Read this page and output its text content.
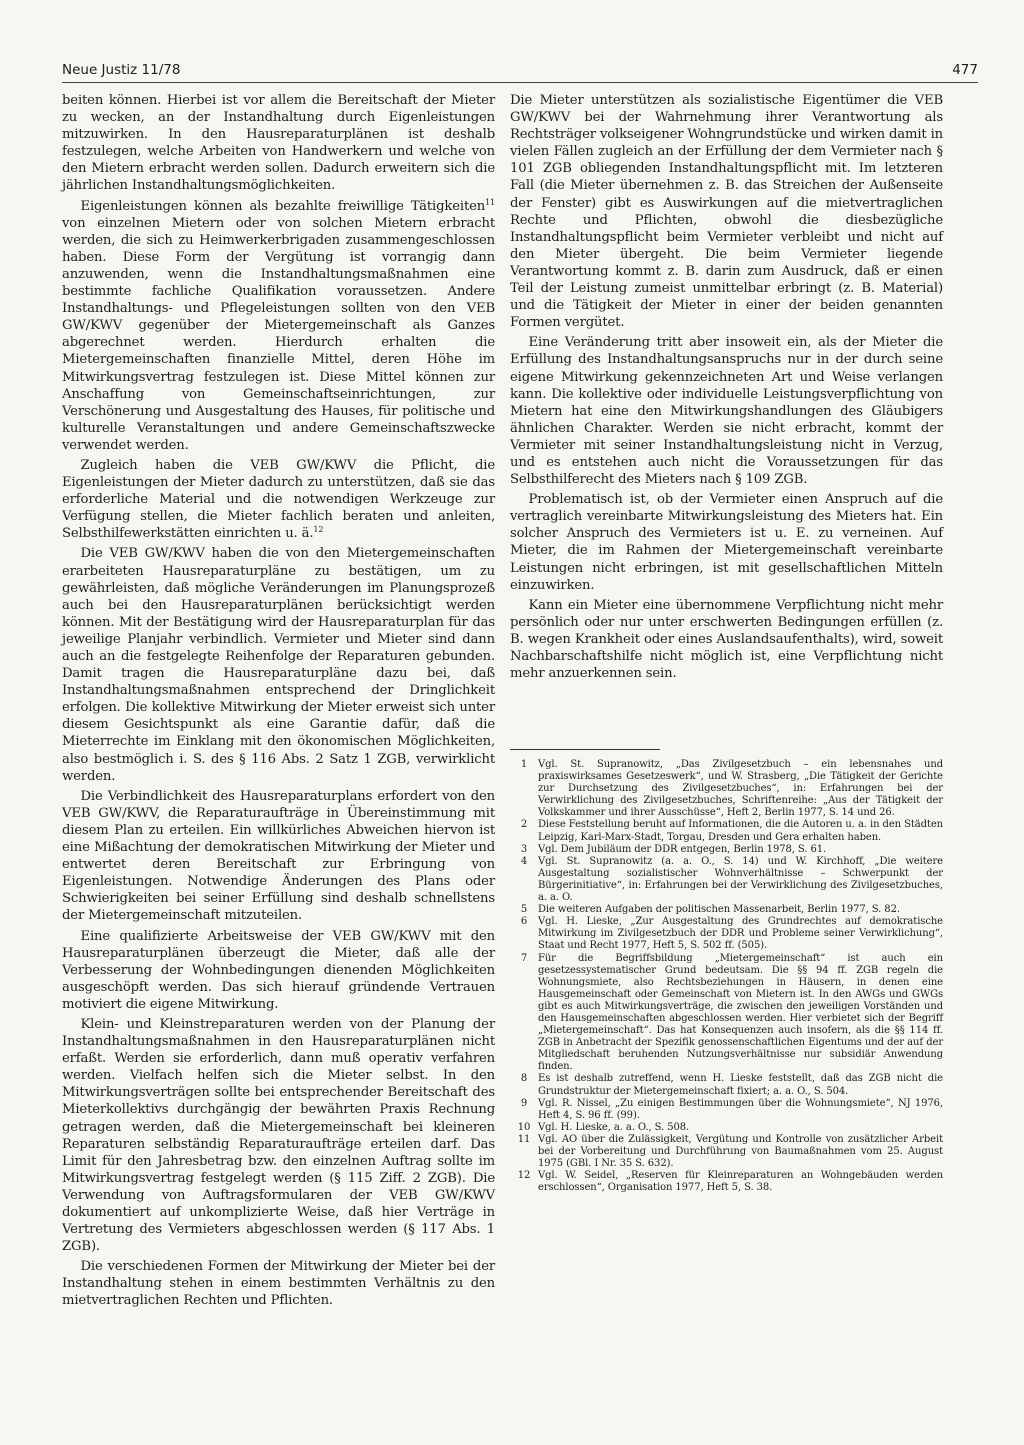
Neue Justiz 11/78	477

beiten können. Hierbei ist vor allem die Bereitschaft der Mieter zu wecken, an der Instandhaltung durch Eigenleistungen mitzuwirken. In den Hausreparaturplänen ist deshalb festzulegen, welche Arbeiten von Handwerkern und welche von den Mietern erbracht werden sollen. Dadurch erweitern sich die jährlichen Instandhaltungsmöglichkeiten.

Eigenleistungen können als bezahlte freiwillige Tätigkeiten$^{11}$ von einzelnen Mietern oder von solchen Mietern erbracht werden, die sich zu Heimwerkerbrigaden zusammengeschlossen haben. Diese Form der Vergütung ist vorrangig dann anzuwenden, wenn die Instandhaltungsmaßnahmen eine bestimmte fachliche Qualifikation voraussetzen. Andere Instandhaltungs- und Pflegeleistungen sollten von den VEB GW/KWV gegenüber der Mietergemeinschaft als Ganzes abgerechnet werden. Hierdurch erhalten die Mietergemeinschaften finanzielle Mittel, deren Höhe im Mitwirkungsvertrag festzulegen ist. Diese Mittel können zur Anschaffung von Gemeinschaftseinrichtungen, zur Verschönerung und Ausgestaltung des Hauses, für politische und kulturelle Veranstaltungen und andere Gemeinschaftszwecke verwendet werden.

Zugleich haben die VEB GW/KWV die Pflicht, die Eigenleistungen der Mieter dadurch zu unterstützen, daß sie das erforderliche Material und die notwendigen Werkzeuge zur Verfügung stellen, die Mieter fachlich beraten und anleiten, Selbsthilfewerkstätten einrichten u. ä.$^{12}$

Die VEB GW/KWV haben die von den Mietergemeinschaften erarbeiteten Hausreparaturpläne zu bestätigen, um zu gewährleisten, daß mögliche Veränderungen im Planungsprozeß auch bei den Hausreparaturplänen berücksichtigt werden können. Mit der Bestätigung wird der Hausreparaturplan für das jeweilige Planjahr verbindlich. Vermieter und Mieter sind dann auch an die festgelegte Reihenfolge der Reparaturen gebunden. Damit tragen die Hausreparaturpläne dazu bei, daß Instandhaltungsmaßnahmen entsprechend der Dringlichkeit erfolgen. Die kollektive Mitwirkung der Mieter erweist sich unter diesem Gesichtspunkt als eine Garantie dafür, daß die Mieterrechte im Einklang mit den ökonomischen Möglichkeiten, also bestmöglich i. S. des § 116 Abs. 2 Satz 1 ZGB, verwirklicht werden.

Die Verbindlichkeit des Hausreparaturplans erfordert von den VEB GW/KWV, die Reparaturaufträge in Übereinstimmung mit diesem Plan zu erteilen. Ein willkürliches Abweichen hiervon ist eine Mißachtung der demokratischen Mitwirkung der Mieter und entwertet deren Bereitschaft zur Erbringung von Eigenleistungen. Notwendige Änderungen des Plans oder Schwierigkeiten bei seiner Erfüllung sind deshalb schnellstens der Mietergemeinschaft mitzuteilen.

Eine qualifizierte Arbeitsweise der VEB GW/KWV mit den Hausreparaturplänen überzeugt die Mieter, daß alle der Verbesserung der Wohnbedingungen dienenden Möglichkeiten ausgeschöpft werden. Das sich hierauf gründende Vertrauen motiviert die eigene Mitwirkung.

Klein- und Kleinstreparaturen werden von der Planung der Instandhaltungsmaßnahmen in den Hausreparaturplänen nicht erfaßt. Werden sie erforderlich, dann muß operativ verfahren werden. Vielfach helfen sich die Mieter selbst. In den Mitwirkungsverträgen sollte bei entsprechender Bereitschaft des Mieterkollektivs durchgängig der bewährten Praxis Rechnung getragen werden, daß die Mietergemeinschaft bei kleineren Reparaturen selbständig Reparaturaufträge erteilen darf. Das Limit für den Jahresbetrag bzw. den einzelnen Auftrag sollte im Mitwirkungsvertrag festgelegt werden (§ 115 Ziff. 2 ZGB). Die Verwendung von Auftragsformularen der VEB GW/KWV dokumentiert auf unkomplizierte Weise, daß hier Verträge in Vertretung des Vermieters abgeschlossen werden (§ 117 Abs. 1 ZGB).

Die verschiedenen Formen der Mitwirkung der Mieter bei der Instandhaltung stehen in einem bestimmten Verhältnis zu den mietvertraglichen Rechten und Pflichten.

Die Mieter unterstützen als sozialistische Eigentümer die VEB GW/KWV bei der Wahrnehmung ihrer Verantwortung als Rechtsträger volkseigener Wohngrundstücke und wirken damit in vielen Fällen zugleich an der Erfüllung der dem Vermieter nach § 101 ZGB obliegenden Instandhaltungspflicht mit. Im letzteren Fall (die Mieter übernehmen z. B. das Streichen der Außenseite der Fenster) gibt es Auswirkungen auf die mietvertraglichen Rechte und Pflichten, obwohl die diesbezügliche Instandhaltungspflicht beim Vermieter verbleibt und nicht auf den Mieter übergeht. Die beim Vermieter liegende Verantwortung kommt z. B. darin zum Ausdruck, daß er einen Teil der Leistung zumeist unmittelbar erbringt (z. B. Material) und die Tätigkeit der Mieter in einer der beiden genannten Formen vergütet.

Eine Veränderung tritt aber insoweit ein, als der Mieter die Erfüllung des Instandhaltungsanspruchs nur in der durch seine eigene Mitwirkung gekennzeichneten Art und Weise verlangen kann. Die kollektive oder individuelle Leistungsverpflichtung von Mietern hat eine den Mitwirkungshandlungen des Gläubigers ähnlichen Charakter. Werden sie nicht erbracht, kommt der Vermieter mit seiner Instandhaltungsleistung nicht in Verzug, und es entstehen auch nicht die Voraussetzungen für das Selbsthilferecht des Mieters nach § 109 ZGB.

Problematisch ist, ob der Vermieter einen Anspruch auf die vertraglich vereinbarte Mitwirkungsleistung des Mieters hat. Ein solcher Anspruch des Vermieters ist u. E. zu verneinen. Auf Mieter, die im Rahmen der Mietergemeinschaft vereinbarte Leistungen nicht erbringen, ist mit gesellschaftlichen Mitteln einzuwirken.

Kann ein Mieter eine übernommene Verpflichtung nicht mehr persönlich oder nur unter erschwerten Bedingungen erfüllen (z. B. wegen Krankheit oder eines Auslandsaufenthalts), wird, soweit Nachbarschaftshilfe nicht möglich ist, eine Verpflichtung nicht mehr anzuerkennen sein.

1	Vgl. St. Supranowitz, „Das Zivilgesetzbuch – ein lebensnahes und praxiswirksames Gesetzeswerk“, und W. Strasberg, „Die Tätigkeit der Gerichte zur Durchsetzung des Zivilgesetzbuches“, in: Erfahrungen bei der Verwirklichung des Zivilgesetzbuches, Schriftenreihe: „Aus der Tätigkeit der Volkskammer und ihrer Ausschüsse“, Heft 2, Berlin 1977, S. 14 und 26.
2	Diese Feststellung beruht auf Informationen, die die Autoren u. a. in den Städten Leipzig, Karl-Marx-Stadt, Torgau, Dresden und Gera erhalten haben.
3	Vgl. Dem Jubiläum der DDR entgegen, Berlin 1978, S. 61.
4	Vgl. St. Supranowitz (a. a. O., S. 14) und W. Kirchhoff, „Die weitere Ausgestaltung sozialistischer Wohnverhältnisse – Schwerpunkt der Bürgerinitiative“, in: Erfahrungen bei der Verwirklichung des Zivilgesetzbuches, a. a. O.
5	Die weiteren Aufgaben der politischen Massenarbeit, Berlin 1977, S. 82.
6	Vgl. H. Lieske, „Zur Ausgestaltung des Grundrechtes auf demokratische Mitwirkung im Zivilgesetzbuch der DDR und Probleme seiner Verwirklichung“, Staat und Recht 1977, Heft 5, S. 502 ff. (505).
7	Für die Begriffsbildung „Mietergemeinschaft“ ist auch ein gesetzessystematischer Grund bedeutsam. Die §§ 94 ff. ZGB regeln die Wohnungsmiete, also Rechtsbeziehungen in Häusern, in denen eine Hausgemeinschaft oder Gemeinschaft von Mietern ist. In den AWGs und GWGs gibt es auch Mitwirkungsverträge, die zwischen den jeweiligen Vorständen und den Hausgemeinschaften abgeschlossen werden. Hier verbietet sich der Begriff „Mietergemeinschaft“. Das hat Konsequenzen auch insofern, als die §§ 114 ff. ZGB in Anbetracht der Spezifik genossenschaftlichen Eigentums und der auf der Mitgliedschaft beruhenden Nutzungsverhältnisse nur subsidiär Anwendung finden.
8	Es ist deshalb zutreffend, wenn H. Lieske feststellt, daß das ZGB nicht die Grundstruktur der Mietergemeinschaft fixiert; a. a. O., S. 504.
9	Vgl. R. Nissel, „Zu einigen Bestimmungen über die Wohnungsmiete“, NJ 1976, Heft 4, S. 96 ff. (99).
10 Vgl. H. Lieske, a. a. O., S. 508.
11 Vgl. AO über die Zulässigkeit, Vergütung und Kontrolle von zusätzlicher Arbeit bei der Vorbereitung und Durchführung von Baumaßnahmen vom 25. August 1975 (GBl. I Nr. 35 S. 632).
12 Vgl. W. Seidel, „Reserven für Kleinreparaturen an Wohngebäuden werden erschlossen“, Organisation 1977, Heft 5, S. 38.
